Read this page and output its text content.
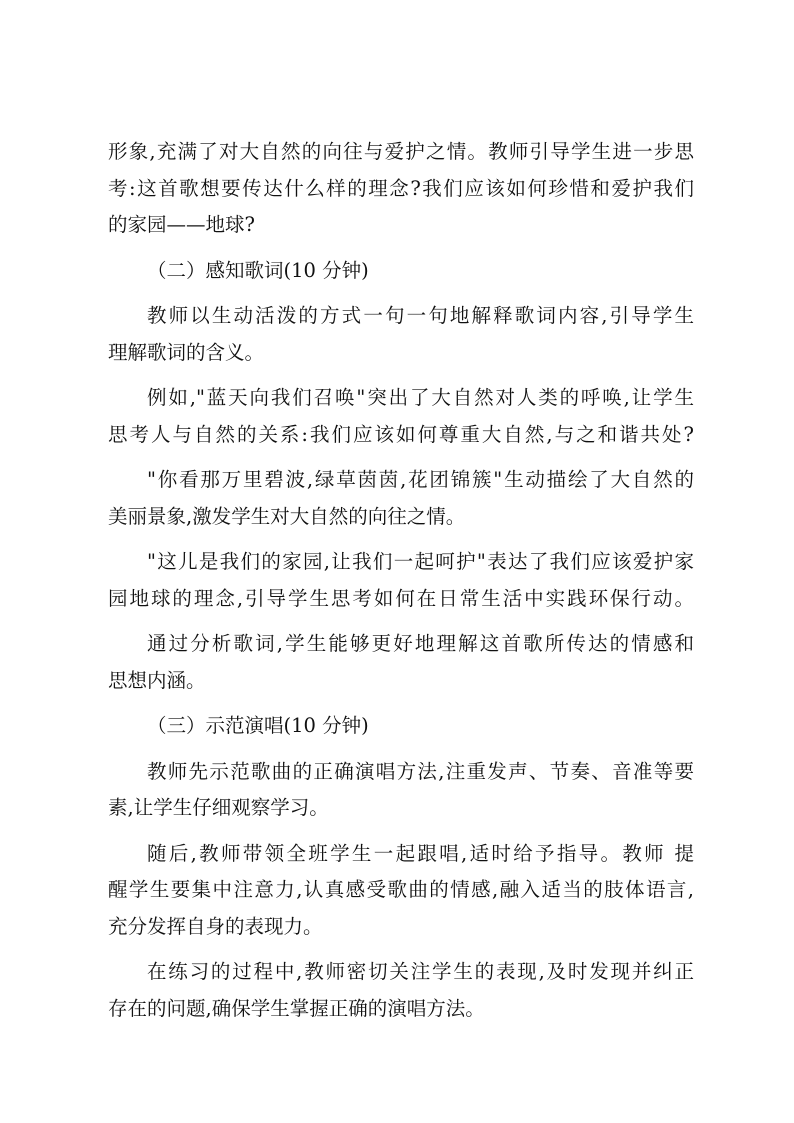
形象,充满了对大自然的向往与爱护之情。教师引导学生进一步思
考:这首歌想要传达什么样的理念?我们应该如何珍惜和爱护我们
的家园——地球?
（二）感知歌词(10 分钟)
教师以生动活泼的方式一句一句地解释歌词内容,引导学生
理解歌词的含义。
例如,"蓝天向我们召唤"突出了大自然对人类的呼唤,让学生
思考人与自然的关系:我们应该如何尊重大自然,与之和谐共处?
"你看那万里碧波,绿草茵茵,花团锦簇"生动描绘了大自然的
美丽景象,激发学生对大自然的向往之情。
"这儿是我们的家园,让我们一起呵护"表达了我们应该爱护家
园地球的理念,引导学生思考如何在日常生活中实践环保行动。
通过分析歌词,学生能够更好地理解这首歌所传达的情感和
思想内涵。
（三）示范演唱(10 分钟)
教师先示范歌曲的正确演唱方法,注重发声、节奏、音准等要
素,让学生仔细观察学习。
随后,教师带领全班学生一起跟唱,适时给予指导。教师 提
醒学生要集中注意力,认真感受歌曲的情感,融入适当的肢体语言,
充分发挥自身的表现力。
在练习的过程中,教师密切关注学生的表现,及时发现并纠正
存在的问题,确保学生掌握正确的演唱方法。
